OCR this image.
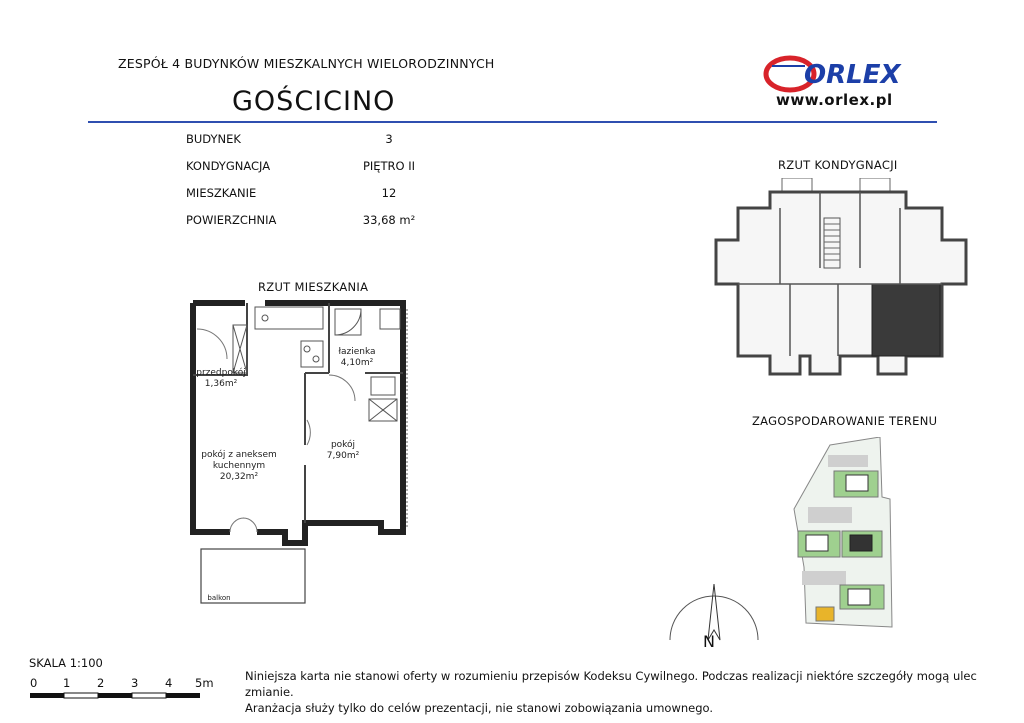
ZESPÓŁ 4 BUDYNKÓW MIESZKALNYCH WIELORODZINNYCH
GOŚCICINO
ORLEX
www.orlex.pl
BUDYNEK	3
KONDYGNACJA	PIĘTRO II
MIESZKANIE	12
POWIERZCHNIA	33,68 m²
RZUT MIESZKANIA
RZUT KONDYGNACJI
ZAGOSPODAROWANIE TERENU
przedpokój
1,36m²
łazienka
4,10m²
pokój z aneksem
kuchennym
20,32m²
pokój
7,90m²
balkon
N
SKALA 1:100
0 1 2 3 4 5m	Niniejsza karta nie stanowi oferty w rozumieniu przepisów Kodeksu Cywilnego. Podczas realizacji niektóre szczegóły mogą ulec zmianie.
Aranżacja służy tylko do celów prezentacji, nie stanowi zobowiązania umownego.
